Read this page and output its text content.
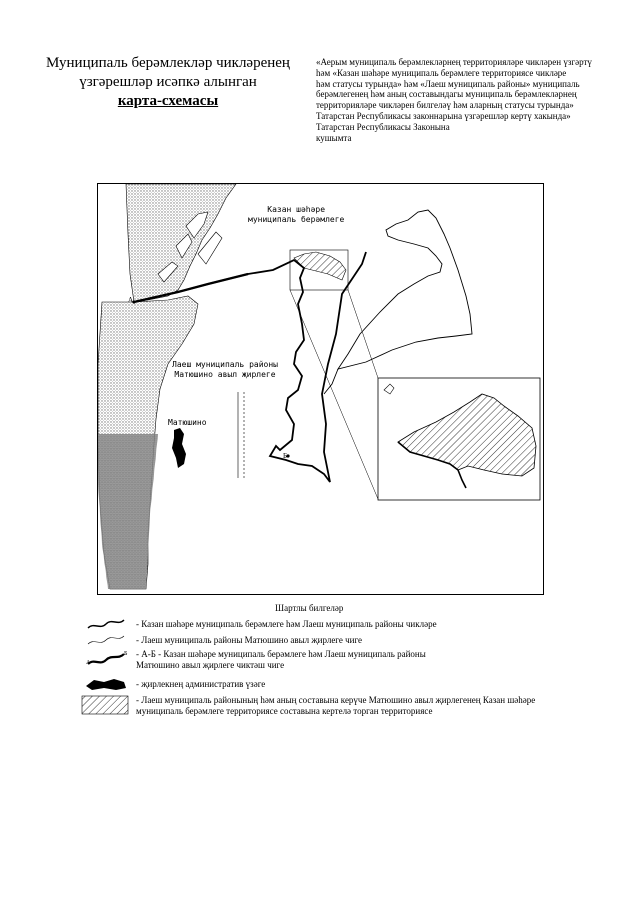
Муниципаль берәмлекләр чикләренең
үзгәрешләр исәпкә алынган
карта-схемасы
«Аерым муниципаль берәмлекләрнең территорияләре чикләрен үзгәртү
һәм «Казан шәһәре муниципаль берәмлеге территориясе чикләре
һәм статусы турында» һәм «Лаеш муниципаль районы» муниципаль
берәмлегенең һәм аның составындагы муниципаль берәмлекләрнең
территорияләре чикләрен билгеләү һәм аларның статусы турында»
Татарстан Республикасы законнарына үзгәрешләр кертү хакында»
Татарстан Республикасы Законына
кушымта
Казан шәһәре
муниципаль берәмлеге
Лаеш муниципаль районы
Матюшино авыл җирлеге
Матюшино
А
Б
Шартлы билгеләр
- Казан шәһәре муниципаль берәмлеге һәм Лаеш муниципаль районы чикләре
- Лаеш муниципаль районы Матюшино авыл җирлеге чиге
А
Б - А-Б - Казан шәһәре муниципаль берәмлеге һәм Лаеш муниципаль районы
Матюшино авыл җирлеге чиктәш чиге
- җирлекнең административ үзәге
- Лаеш муниципаль районының һәм аның составына керүче Матюшино авыл җирлегенең Казан шәһәре
муниципаль берәмлеге территориясе составына кертелә торган территориясе
